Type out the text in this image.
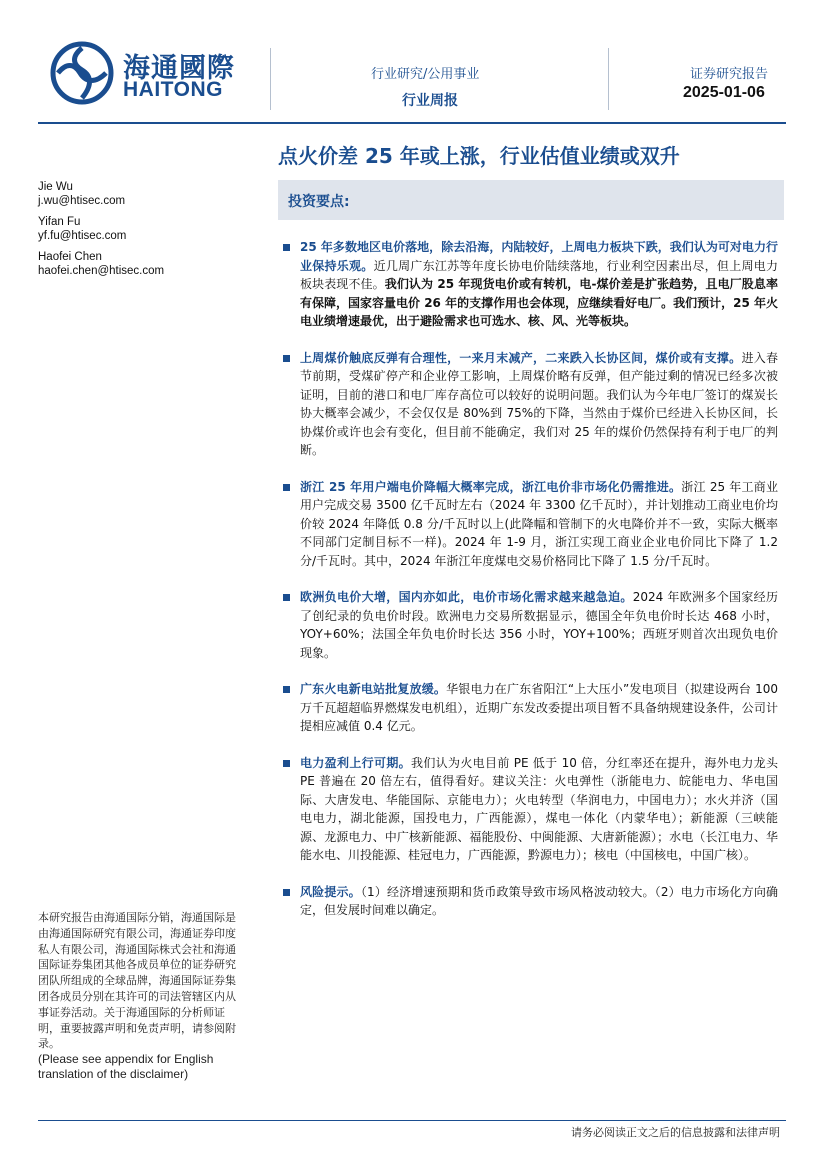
海通國際
HAITONG
行业研究/公用事业
行业周报
证券研究报告
2025-01-06
点火价差 25 年或上涨，行业估值业绩或双升
Jie Wu
j.wu@htisec.com
Yifan Fu
yf.fu@htisec.com
Haofei Chen
haofei.chen@htisec.com
投资要点:
25 年多数地区电价落地，除去沿海，内陆较好，上周电力板块下跌，我们认为可对电力行业保持乐观。近几周广东江苏等年度长协电价陆续落地，行业利空因素出尽，但上周电力板块表现不佳。我们认为 25 年现货电价或有转机，电-煤价差是扩张趋势，且电厂股息率有保障，国家容量电价 26 年的支撑作用也会体现，应继续看好电厂。我们预计，25 年火电业绩增速最优，出于避险需求也可选水、核、风、光等板块。
上周煤价触底反弹有合理性，一来月末减产，二来跌入长协区间，煤价或有支撑。进入春节前期，受煤矿停产和企业停工影响，上周煤价略有反弹，但产能过剩的情况已经多次被证明，目前的港口和电厂库存高位可以较好的说明问题。我们认为今年电厂签订的煤炭长协大概率会减少，不会仅仅是 80%到 75%的下降，当然由于煤价已经进入长协区间，长协煤价或许也会有变化，但目前不能确定，我们对 25 年的煤价仍然保持有利于电厂的判断。
浙江 25 年用户端电价降幅大概率完成，浙江电价非市场化仍需推进。浙江 25 年工商业用户完成交易 3500 亿千瓦时左右（2024 年 3300 亿千瓦时），并计划推动工商业电价均价较 2024 年降低 0.8 分/千瓦时以上(此降幅和管制下的火电降价并不一致，实际大概率不同部门定制目标不一样)。2024 年 1-9 月，浙江实现工商业企业电价同比下降了 1.2 分/千瓦时。其中，2024 年浙江年度煤电交易价格同比下降了 1.5 分/千瓦时。
欧洲负电价大增，国内亦如此，电价市场化需求越来越急迫。2024 年欧洲多个国家经历了创纪录的负电价时段。欧洲电力交易所数据显示，德国全年负电价时长达 468 小时，YOY+60%；法国全年负电价时长达 356 小时，YOY+100%；西班牙则首次出现负电价现象。
广东火电新电站批复放缓。华银电力在广东省阳江“上大压小”发电项目（拟建设两台 100 万千瓦超超临界燃煤发电机组），近期广东发改委提出项目暂不具备纳规建设条件，公司计提相应减值 0.4 亿元。
电力盈利上行可期。我们认为火电目前 PE 低于 10 倍，分红率还在提升，海外电力龙头 PE 普遍在 20 倍左右，值得看好。建议关注：火电弹性（浙能电力、皖能电力、华电国际、大唐发电、华能国际、京能电力）；火电转型（华润电力，中国电力）；水火并济（国电电力，湖北能源，国投电力，广西能源），煤电一体化（内蒙华电）；新能源（三峡能源、龙源电力、中广核新能源、福能股份、中闽能源、大唐新能源）；水电（长江电力、华能水电、川投能源、桂冠电力，广西能源，黔源电力）；核电（中国核电，中国广核）。
风险提示。（1）经济增速预期和货币政策导致市场风格波动较大。（2）电力市场化方向确定，但发展时间难以确定。
本研究报告由海通国际分销，海通国际是由海通国际研究有限公司，海通证券印度私人有限公司，海通国际株式会社和海通国际证券集团其他各成员单位的证券研究团队所组成的全球品牌，海通国际证券集团各成员分别在其许可的司法管辖区内从事证券活动。关于海通国际的分析师证明，重要披露声明和免责声明，请参阅附录。
(Please see appendix for English translation of the disclaimer)
请务必阅读正文之后的信息披露和法律声明
